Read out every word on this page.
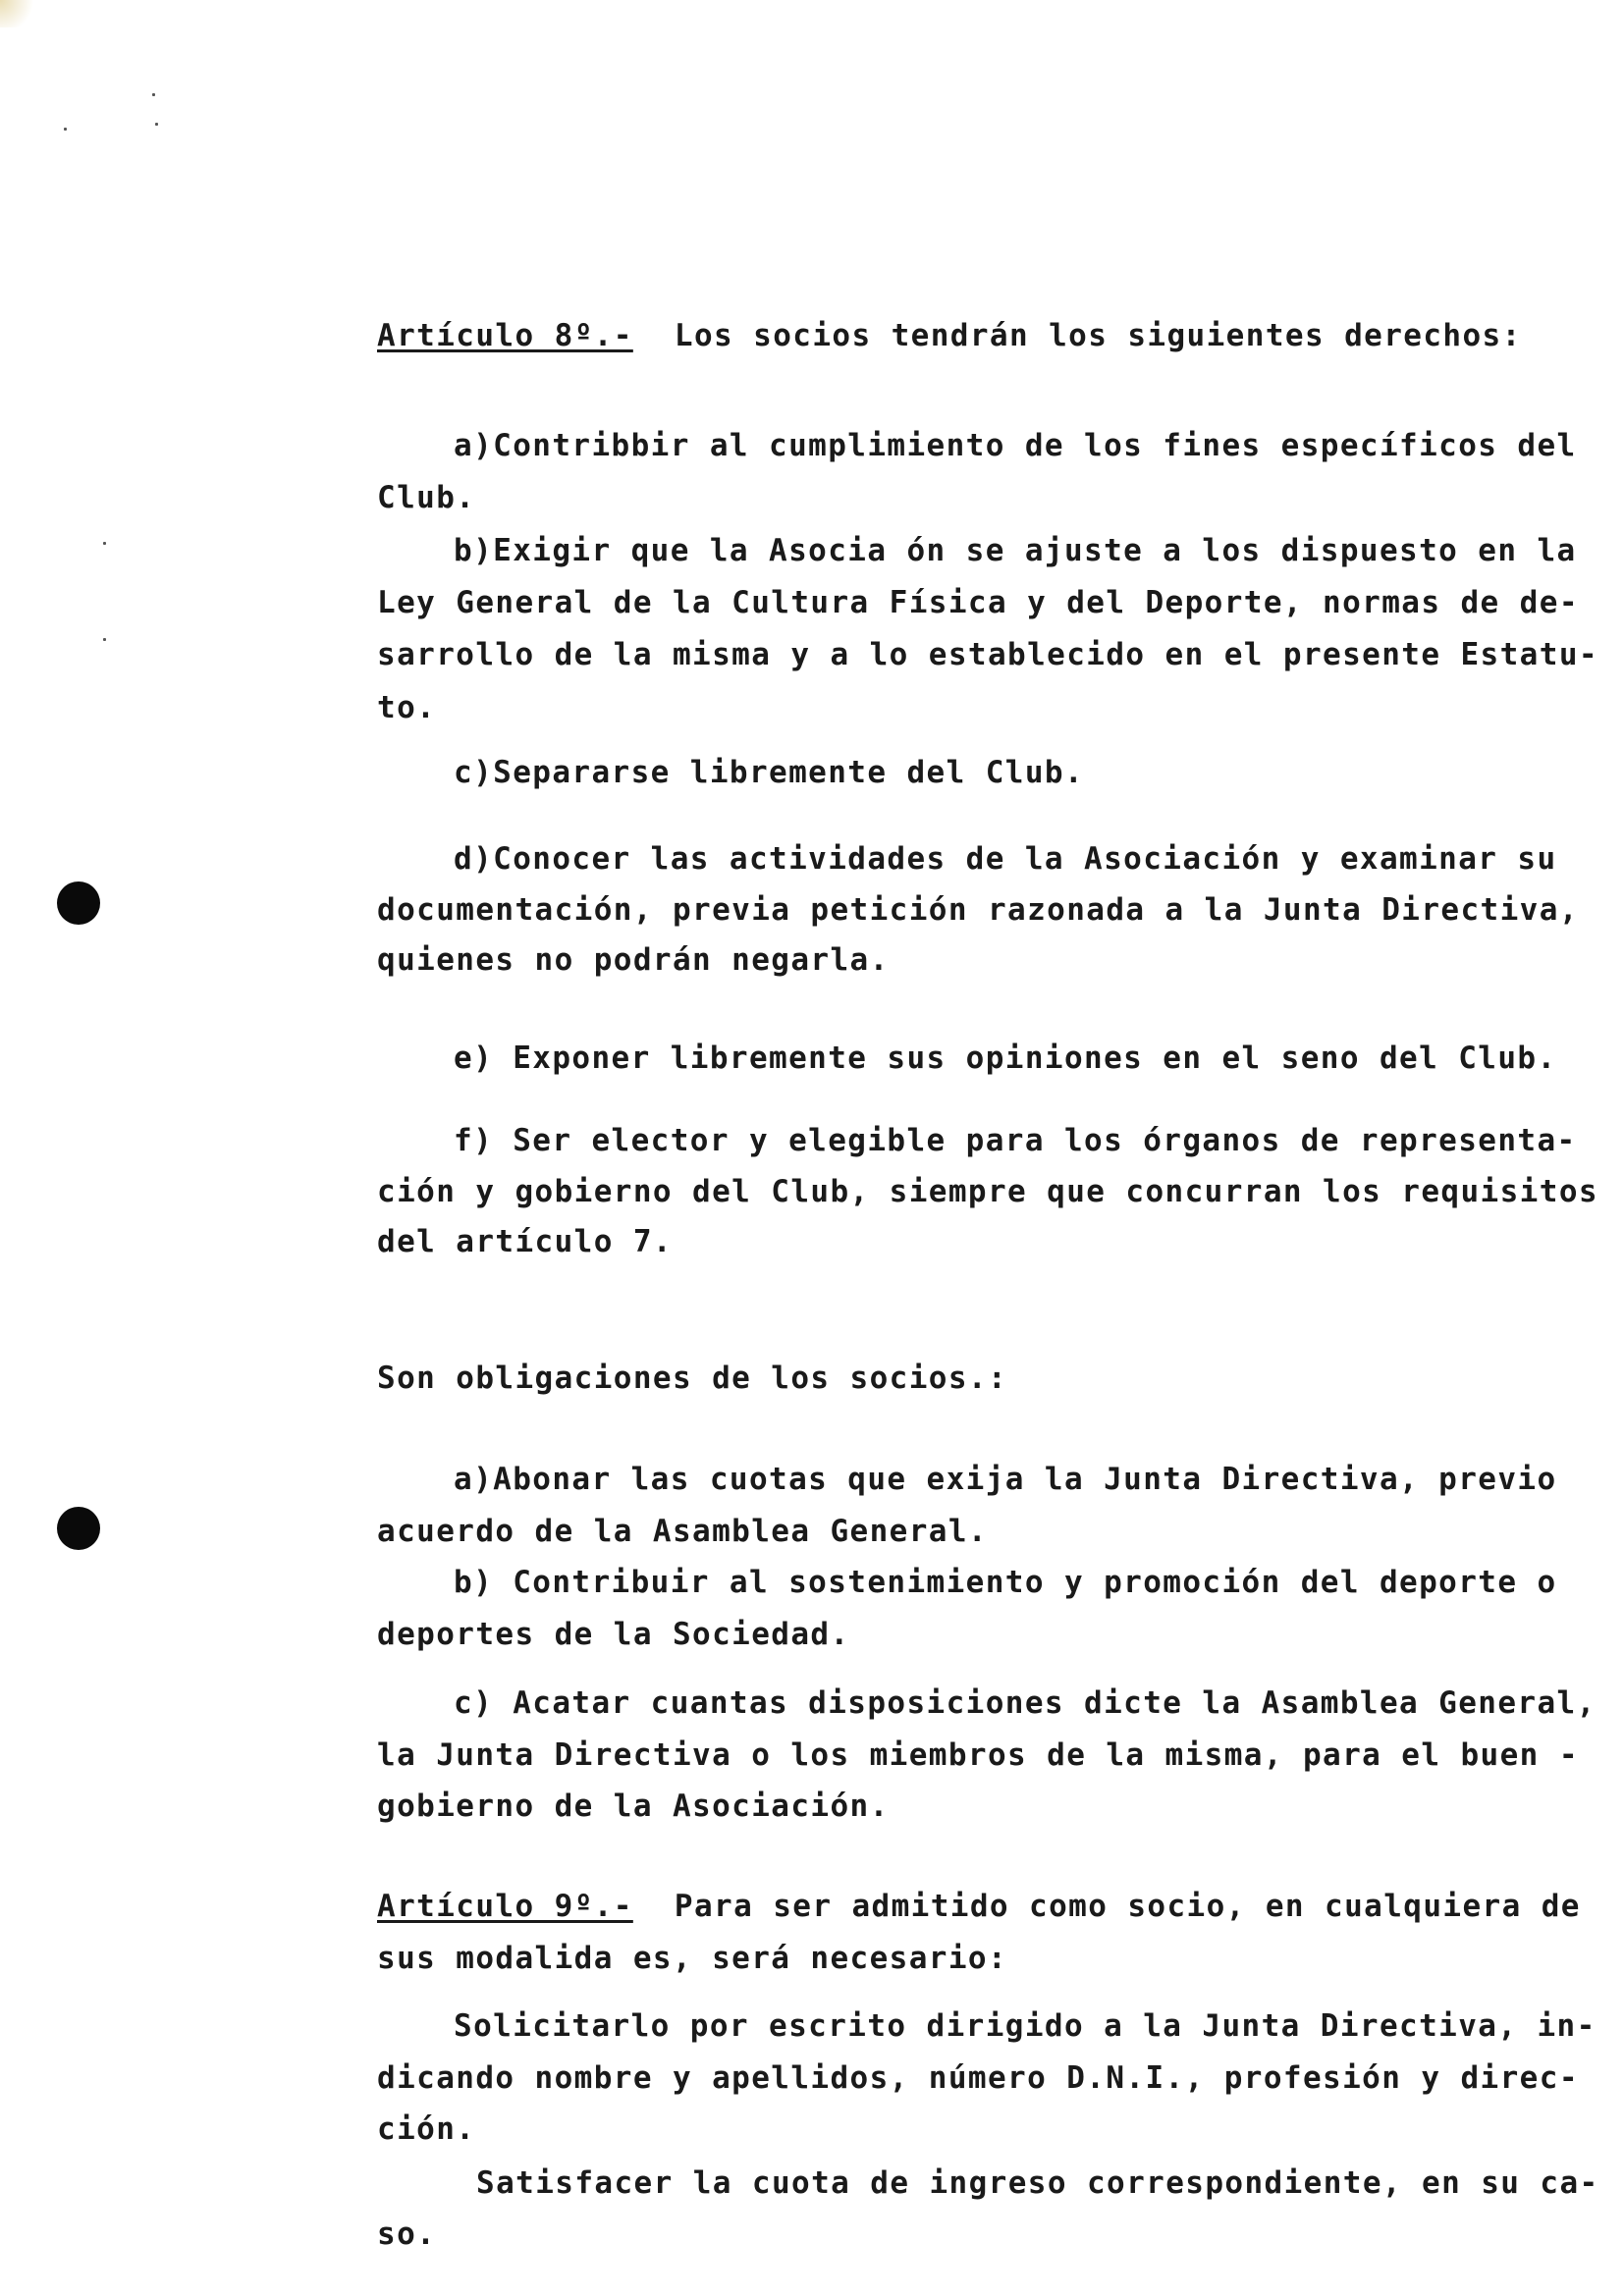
Artículo 8º.- Los socios tendrán los siguientes derechos:
a)Contribbir al cumplimiento de los fines específicos del
Club.
b)Exigir que la Asocia ón se ajuste a los dispuesto en la
Ley General de la Cultura Física y del Deporte, normas de de-
sarrollo de la misma y a lo establecido en el presente Estatu-
to.
c)Separarse libremente del Club.
d)Conocer las actividades de la Asociación y examinar su
documentación, previa petición razonada a la Junta Directiva,
quienes no podrán negarla.
e) Exponer libremente sus opiniones en el seno del Club.
f) Ser elector y elegible para los órganos de representa-
ción y gobierno del Club, siempre que concurran los requisitos
del artículo 7.
Son obligaciones de los socios.:
a)Abonar las cuotas que exija la Junta Directiva, previo
acuerdo de la Asamblea General.
b) Contribuir al sostenimiento y promoción del deporte o
deportes de la Sociedad.
c) Acatar cuantas disposiciones dicte la Asamblea General,
la Junta Directiva o los miembros de la misma, para el buen -
gobierno de la Asociación.
Artículo 9º.- Para ser admitido como socio, en cualquiera de
sus modalida es, será necesario:
Solicitarlo por escrito dirigido a la Junta Directiva, in-
dicando nombre y apellidos, número D.N.I., profesión y direc-
ción.
Satisfacer la cuota de ingreso correspondiente, en su ca-
so.
